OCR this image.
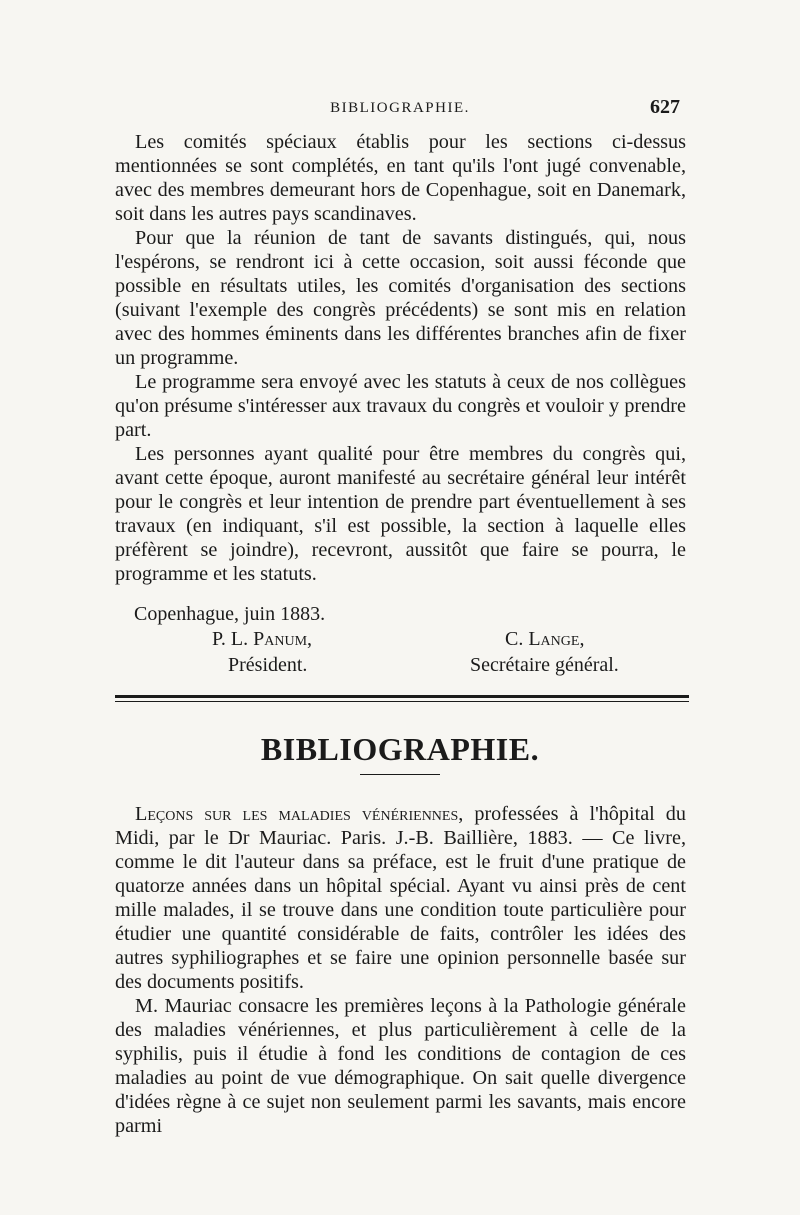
BIBLIOGRAPHIE.	627

Les comités spéciaux établis pour les sections ci-dessus mentionnées se sont complétés, en tant qu'ils l'ont jugé convenable, avec des membres demeurant hors de Copenhague, soit en Danemark, soit dans les autres pays scandinaves.

Pour que la réunion de tant de savants distingués, qui, nous l'espérons, se rendront ici à cette occasion, soit aussi féconde que possible en résultats utiles, les comités d'organisation des sections (suivant l'exemple des congrès précédents) se sont mis en relation avec des hommes éminents dans les différentes branches afin de fixer un programme.

Le programme sera envoyé avec les statuts à ceux de nos collègues qu'on présume s'intéresser aux travaux du congrès et vouloir y prendre part.

Les personnes ayant qualité pour être membres du congrès qui, avant cette époque, auront manifesté au secrétaire général leur intérêt pour le congrès et leur intention de prendre part éventuellement à ses travaux (en indiquant, s'il est possible, la section à laquelle elles préfèrent se joindre), recevront, aussitôt que faire se pourra, le programme et les statuts.

Copenhague, juin 1883.
P. L. Panum,	C. Lange,
Président.	Secrétaire général.
BIBLIOGRAPHIE.

Leçons sur les maladies vénériennes, professées à l'hôpital du Midi, par le Dr Mauriac. Paris. J.-B. Baillière, 1883. — Ce livre, comme le dit l'auteur dans sa préface, est le fruit d'une pratique de quatorze années dans un hôpital spécial. Ayant vu ainsi près de cent mille malades, il se trouve dans une condition toute particulière pour étudier une quantité considérable de faits, contrôler les idées des autres syphiliographes et se faire une opinion personnelle basée sur des documents positifs.

M. Mauriac consacre les premières leçons à la Pathologie générale des maladies vénériennes, et plus particulièrement à celle de la syphilis, puis il étudie à fond les conditions de contagion de ces maladies au point de vue démographique. On sait quelle divergence d'idées règne à ce sujet non seulement parmi les savants, mais encore parmi
